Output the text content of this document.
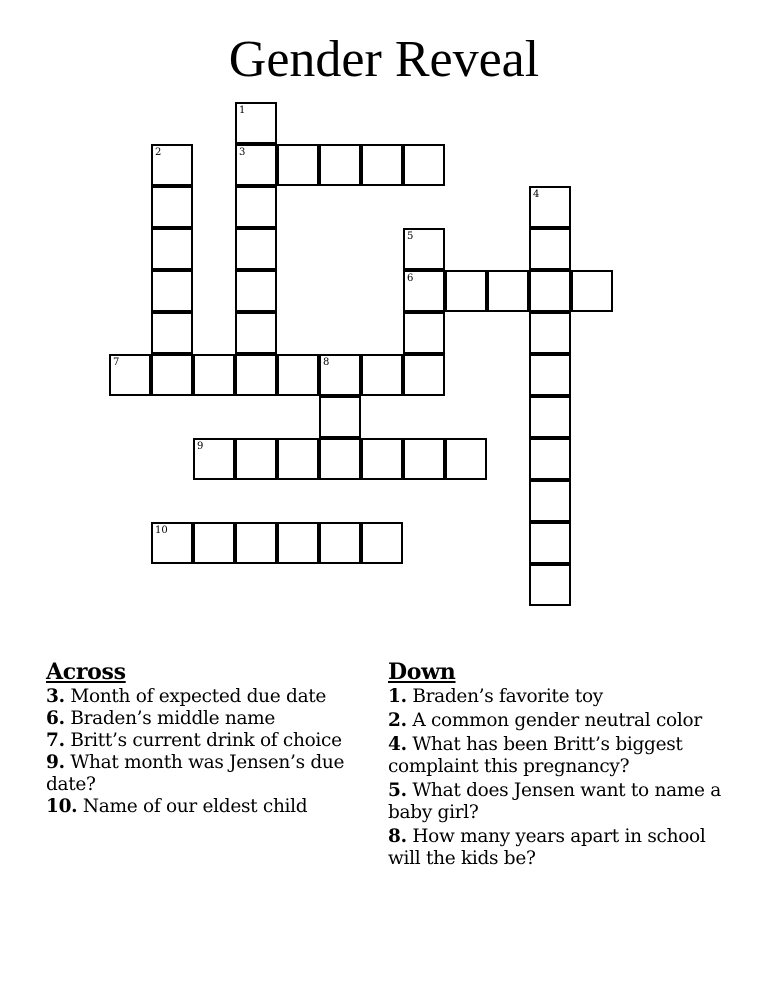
Gender Reveal
1
3
2
4
5
6
7	8
9
10
Across
3. Month of expected due date
6. Braden’s middle name
7. Britt’s current drink of choice
9. What month was Jensen’s due date?
10. Name of our eldest child
Down
1. Braden’s favorite toy
2. A common gender neutral color
4. What has been Britt’s biggest complaint this pregnancy?
5. What does Jensen want to name a baby girl?
8. How many years apart in school will the kids be?
